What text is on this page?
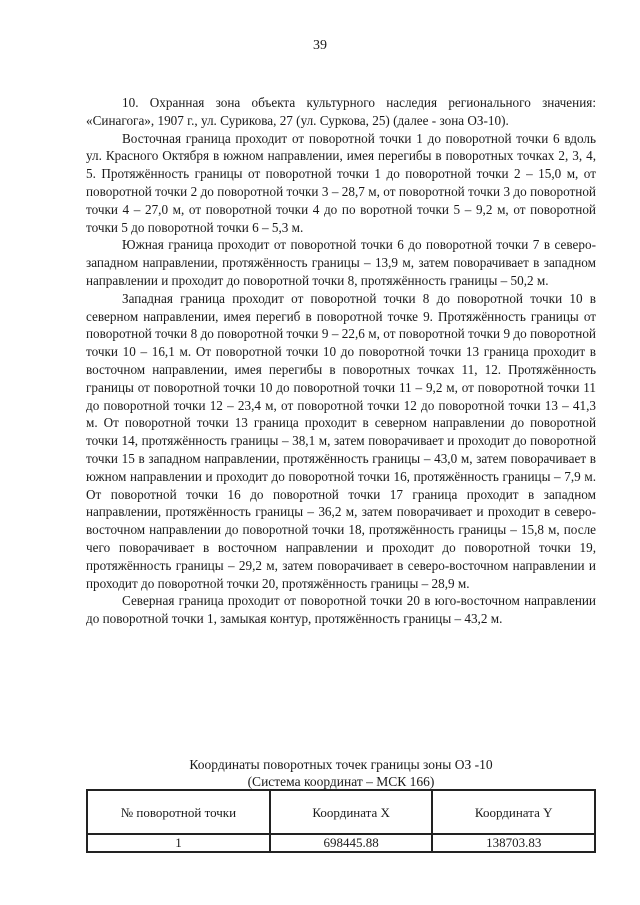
39

10. Охранная зона объекта культурного наследия регионального значения: «Синагога», 1907 г., ул. Сурикова, 27 (ул. Суркова, 25) (далее - зона ОЗ-10).

Восточная граница проходит от поворотной точки 1 до поворотной точки 6 вдоль ул. Красного Октября в южном направлении, имея перегибы в поворотных точках 2, 3, 4, 5. Протяжённость границы от поворотной точки 1 до поворотной точки 2 – 15,0 м, от поворотной точки 2 до поворотной точки 3 – 28,7 м, от поворотной точки 3 до поворотной точки 4 – 27,0 м, от поворотной точки 4 до по воротной точки 5 – 9,2 м, от поворотной точки 5 до поворотной точки 6 – 5,3 м.

Южная граница проходит от поворотной точки 6 до поворотной точки 7 в северо-западном направлении, протяжённость границы – 13,9 м, затем поворачивает в западном направлении и проходит до поворотной точки 8, протяжённость границы – 50,2 м.

Западная граница проходит от поворотной точки 8 до поворотной точки 10 в северном направлении, имея перегиб в поворотной точке 9. Протяжённость границы от поворотной точки 8 до поворотной точки 9 – 22,6 м, от поворотной точки 9 до поворотной точки 10 – 16,1 м. От поворотной точки 10 до поворотной точки 13 граница проходит в восточном направлении, имея перегибы в поворотных точках 11, 12. Протяжённость границы от поворотной точки 10 до поворотной точки 11 – 9,2 м, от поворотной точки 11 до поворотной точки 12 – 23,4 м, от поворотной точки 12 до поворотной точки 13 – 41,3 м. От поворотной точки 13 граница проходит в северном направлении до поворотной точки 14, протяжённость границы – 38,1 м, затем поворачивает и проходит до поворотной точки 15 в западном направлении, протяжённость границы – 43,0 м, затем поворачивает в южном направлении и проходит до поворотной точки 16, протяжённость границы – 7,9 м. От поворотной точки 16 до поворотной точки 17 граница проходит в западном направлении, протяжённость границы – 36,2 м, затем поворачивает и проходит в северо-восточном направлении до поворотной точки 18, протяжённость границы – 15,8 м, после чего поворачивает в восточном направлении и проходит до поворотной точки 19, протяжённость границы – 29,2 м, затем поворачивает в северо-восточном направлении и проходит до поворотной точки 20, протяжённость границы – 28,9 м.

Северная граница проходит от поворотной точки 20 в юго-восточном направлении до поворотной точки 1, замыкая контур, протяжённость границы – 43,2 м.

Координаты поворотных точек границы зоны ОЗ -10
(Система координат – МСК 166)
№ поворотной точки	Координата X	Координата Y
1	698445.88	138703.83
